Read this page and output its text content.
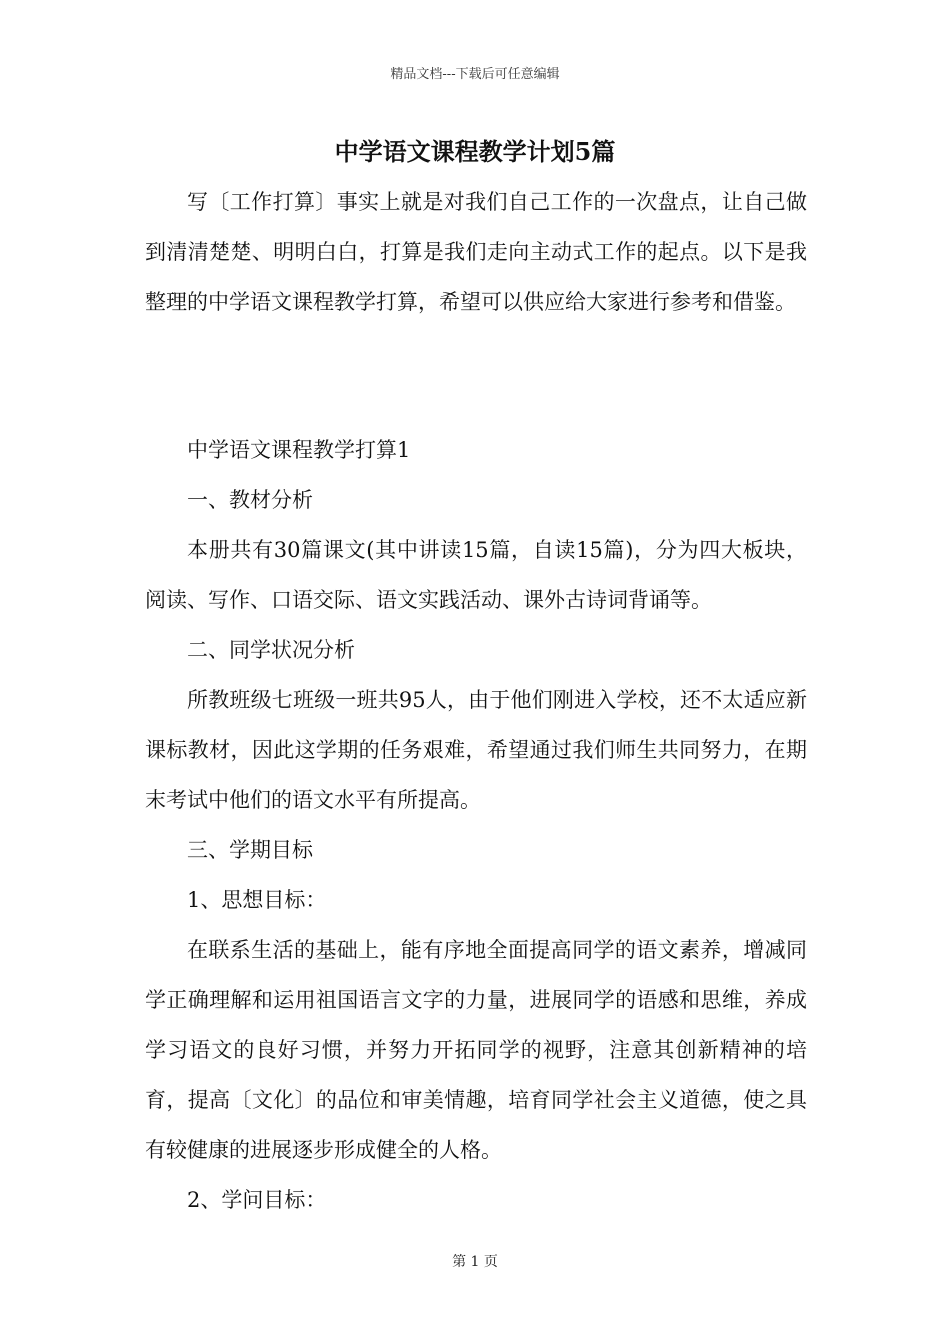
精品文档---下载后可任意编辑
中学语文课程教学计划5篇

写〔工作打算〕事实上就是对我们自己工作的一次盘点，让自己做到清清楚楚、明明白白，打算是我们走向主动式工作的起点。以下是我整理的中学语文课程教学打算，希望可以供应给大家进行参考和借鉴。

中学语文课程教学打算1

一、教材分析

本册共有30篇课文(其中讲读15篇，自读15篇)，分为四大板块，阅读、写作、口语交际、语文实践活动、课外古诗词背诵等。

二、同学状况分析

所教班级七班级一班共95人，由于他们刚进入学校，还不太适应新课标教材，因此这学期的任务艰难，希望通过我们师生共同努力，在期末考试中他们的语文水平有所提高。

三、学期目标

1、思想目标：

在联系生活的基础上，能有序地全面提高同学的语文素养，增减同学正确理解和运用祖国语言文字的力量，进展同学的语感和思维，养成学习语文的良好习惯，并努力开拓同学的视野，注意其创新精神的培育，提高〔文化〕的品位和审美情趣，培育同学社会主义道德，使之具有较健康的进展逐步形成健全的人格。

2、学问目标：

第 1 页
